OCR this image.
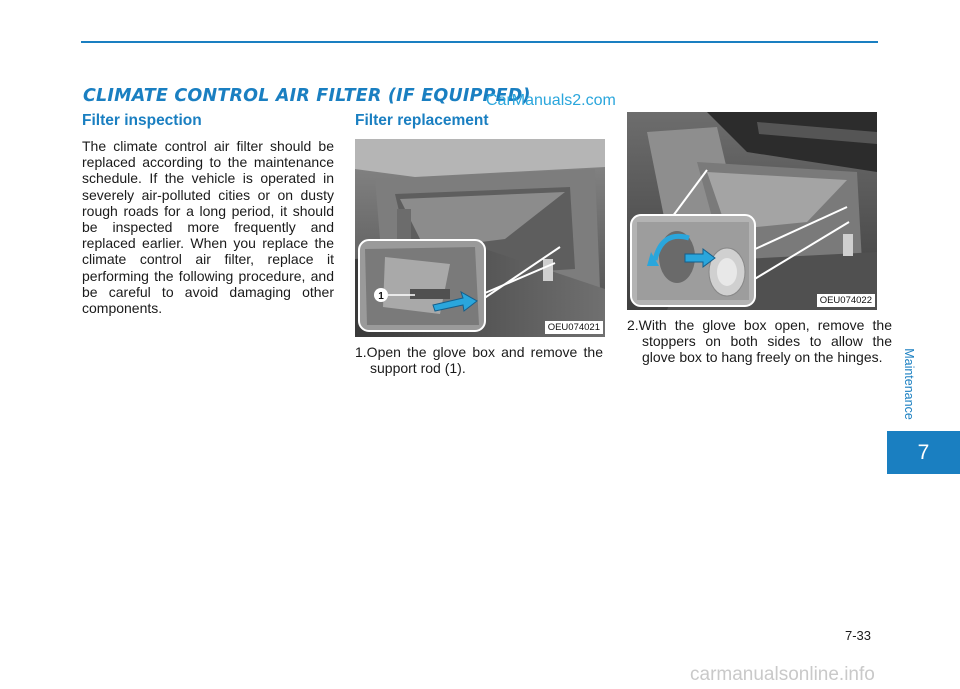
CLIMATE CONTROL AIR FILTER (IF EQUIPPED)
CarManuals2.com
Filter inspection

The climate control air filter should be replaced according to the maintenance schedule. If the vehicle is operated in severely air-polluted cities or on dusty rough roads for a long period, it should be inspected more frequently and replaced earlier. When you replace the climate control air filter, replace it performing the following procedure, and be careful to avoid damaging other components.

Filter replacement
1
OEU074021

1.Open the glove box and remove the support rod (1).

OEU074022

2.With the glove box open, remove the stoppers on both sides to allow the glove box to hang freely on the hinges.	Maintenance
7
7-33
carmanualsonline.info
